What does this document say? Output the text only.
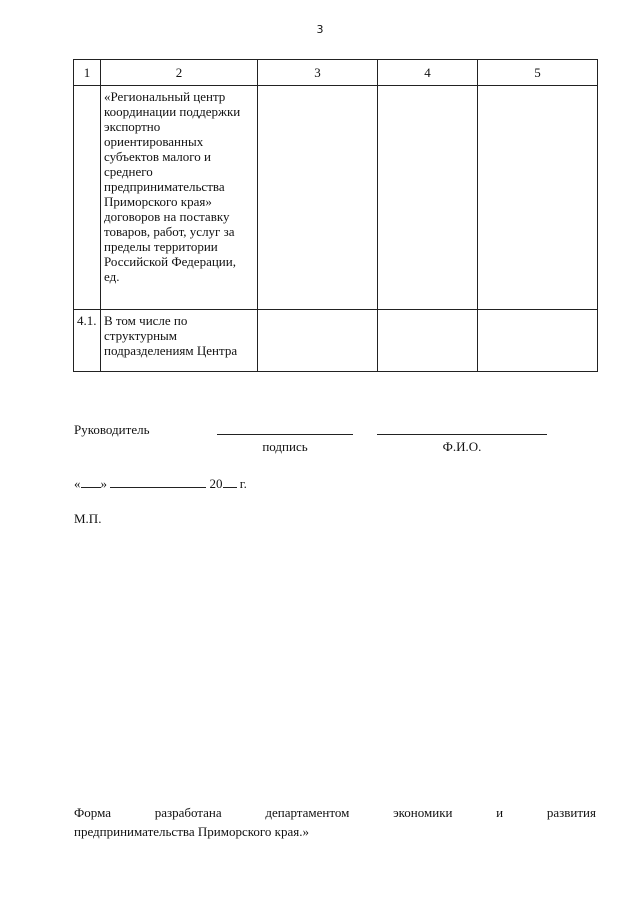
3
1	2	3	4	5

	«Региональный центр координации поддержки экспортно ориентированных субъектов малого и среднего предпринимательства Приморского края» договоров на поставку товаров, работ, услуг за пределы территории Российской Федерации, ед.			

4.1.	В том числе по структурным подразделениям Центра			

Руководитель
подпись	Ф.И.О.
« »	20 г.
М.П.
Форма	разработана	департаментом	экономики	и	развития
предпринимательства Приморского края.»
